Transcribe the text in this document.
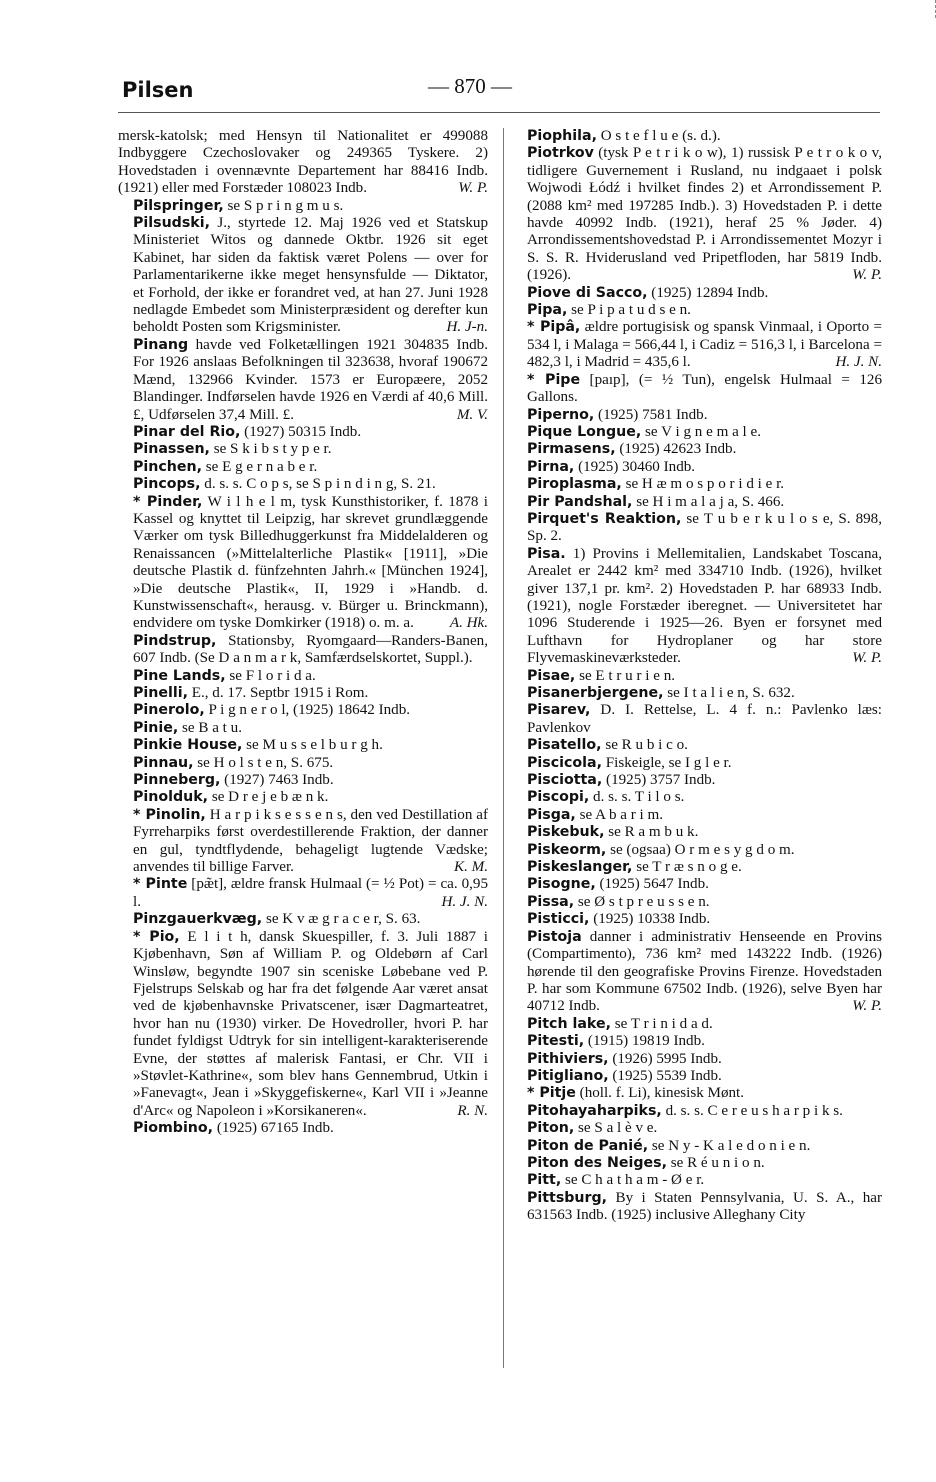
Pilsen	— 870 —

mersk-katolsk; med Hensyn til Nationalitet er 499088 Indbyggere Czechoslovaker og 249365 Tyskere. 2) Hovedstaden i ovennævnte Departement har 88416 Indb. (1921) eller med Forstæder 108023 Indb.	W. P.

Pilspringer, se S p r i n g m u s.

Pilsudski, J., styrtede 12. Maj 1926 ved et Statskup Ministeriet Witos og dannede Oktbr. 1926 sit eget Kabinet, har siden da faktisk været Polens — over for Parlamentarikerne ikke meget hensynsfulde — Diktator, et Forhold, der ikke er forandret ved, at han 27. Juni 1928 nedlagde Embedet som Ministerpræsident og derefter kun beholdt Posten som Krigsminister.	H. J-n.

Pinang havde ved Folketællingen 1921 304835 Indb. For 1926 anslaas Befolkningen til 323638, hvoraf 190672 Mænd, 132966 Kvinder. 1573 er Europæere, 2052 Blandinger. Indførselen havde 1926 en Værdi af 40,6 Mill. £, Udførselen 37,4 Mill. £.	M. V.

Pinar del Rio, (1927) 50315 Indb.

Pinassen, se S k i b s t y p e r.

Pinchen, se E g e r n a b e r.

Pincops, d. s. s. C o p s, se S p i n d i n g, S. 21.

* Pinder, W i l h e l m, tysk Kunsthistoriker, f. 1878 i Kassel og knyttet til Leipzig, har skrevet grundlæggende Værker om tysk Billedhuggerkunst fra Middelalderen og Renaissancen (»Mittelalterliche Plastik« [1911], »Die deutsche Plastik d. fünfzehnten Jahrh.« [München 1924], »Die deutsche Plastik«, II, 1929 i »Handb. d. Kunstwissenschaft«, herausg. v. Bürger u. Brinckmann), endvidere om tyske Domkirker (1918) o. m. a. A. Hk.

Pindstrup, Stationsby, Ryomgaard—Randers-Banen, 607 Indb. (Se D a n m a r k, Samfærdselskortet, Suppl.).

Pine Lands, se F l o r i d a.

Pinelli, E., d. 17. Septbr 1915 i Rom.

Pinerolo, P i g n e r o l, (1925) 18642 Indb.

Pinie, se B a t u.

Pinkie House, se M u s s e l b u r g h.

Pinnau, se H o l s t e n, S. 675.

Pinneberg, (1927) 7463 Indb.

Pinolduk, se D r e j e b æ n k.

* Pinolin, H a r p i k s e s s e n s, den ved Destillation af Fyrreharpiks først overdestillerende Fraktion, der danner en gul, tyndtflydende, behageligt lugtende Vædske; anvendes til billige Farver.	K. M.

* Pinte [pæ̃t], ældre fransk Hulmaal (= ½ Pot) = ca. 0,95 l.	H. J. N.

Pinzgauerkvæg, se K v æ g r a c e r, S. 63.

* Pio, E l i t h, dansk Skuespiller, f. 3. Juli 1887 i Kjøbenhavn, Søn af William P. og Oldebørn af Carl Winsløw, begyndte 1907 sin sceniske Løbebane ved P. Fjelstrups Selskab og har fra det følgende Aar været ansat ved de kjøbenhavnske Privatscener, især Dagmarteatret, hvor han nu (1930) virker. De Hovedroller, hvori P. har fundet fyldigst Udtryk for sin intelligent-karakteriserende Evne, der støttes af malerisk Fantasi, er Chr. VII i »Støvlet-Kathrine«, som blev hans Gennembrud, Utkin i »Fanevagt«, Jean i »Skyggefiskerne«, Karl VII i »Jeanne d'Arc« og Napoleon i »Korsikaneren«.	R. N.

Piombino, (1925) 67165 Indb.

Piophila, O s t e f l u e (s. d.).

Piotrkov (tysk P e t r i k o w), 1) russisk P e t r o k o v, tidligere Guvernement i Rusland, nu indgaaet i polsk Wojwodi Łódź i hvilket findes 2) et Arrondissement P. (2088 km² med 197285 Indb.). 3) Hovedstaden P. i dette havde 40992 Indb. (1921), heraf 25 % Jøder. 4) Arrondissementshovedstad P. i Arrondissementet Mozyr i S. S. R. Hviderusland ved Pripetfloden, har 5819 Indb. (1926).	W. P.

Piove di Sacco, (1925) 12894 Indb.

Pipa, se P i p a t u d s e n.

* Pipâ, ældre portugisisk og spansk Vinmaal, i Oporto = 534 l, i Malaga = 566,44 l, i Cadiz = 516,3 l, i Barcelona = 482,3 l, i Madrid = 435,6 l.	H. J. N.

* Pipe [paıp], (= ½ Tun), engelsk Hulmaal = 126 Gallons.

Piperno, (1925) 7581 Indb.

Pique Longue, se V i g n e m a l e.

Pirmasens, (1925) 42623 Indb.

Pirna, (1925) 30460 Indb.

Piroplasma, se H æ m o s p o r i d i e r.

Pir Pandshal, se H i m a l a j a, S. 466.

Pirquet's Reaktion, se T u b e r k u l o s e, S. 898, Sp. 2.

Pisa. 1) Provins i Mellemitalien, Landskabet Toscana, Arealet er 2442 km² med 334710 Indb. (1926), hvilket giver 137,1 pr. km². 2) Hovedstaden P. har 68933 Indb. (1921), nogle Forstæder iberegnet. — Universitetet har 1096 Studerende i 1925—26. Byen er forsynet med Lufthavn for Hydroplaner og har store Flyvemaskineværksteder.	W. P.

Pisae, se E t r u r i e n.

Pisanerbjergene, se I t a l i e n, S. 632.

Pisarev, D. I. Rettelse, L. 4 f. n.: Pavlenko læs: Pavlenkov

Pisatello, se R u b i c o.

Piscicola, Fiskeigle, se I g l e r.

Pisciotta, (1925) 3757 Indb.

Piscopi, d. s. s. T i l o s.

Pisga, se A b a r i m.

Piskebuk, se R a m b u k.

Piskeorm, se (ogsaa) O r m e s y g d o m.

Piskeslanger, se T r æ s n o g e.

Pisogne, (1925) 5647 Indb.

Pissa, se Ø s t p r e u s s e n.

Pisticci, (1925) 10338 Indb.

Pistoja danner i administrativ Henseende en Provins (Compartimento), 736 km² med 143222 Indb. (1926) hørende til den geografiske Provins Firenze. Hovedstaden P. har som Kommune 67502 Indb. (1926), selve Byen har 40712 Indb.	W. P.

Pitch lake, se T r i n i d a d.

Pitesti, (1915) 19819 Indb.

Pithiviers, (1926) 5995 Indb.

Pitigliano, (1925) 5539 Indb.

* Pitje (holl. f. Li), kinesisk Mønt.

Pitohayaharpiks, d. s. s. C e r e u s h a r p i k s.

Piton, se S a l è v e.

Piton de Panié, se N y - K a l e d o n i e n.

Piton des Neiges, se R é u n i o n.

Pitt, se C h a t h a m - Ø e r.

Pittsburg, By i Staten Pennsylvania, U. S. A., har 631563 Indb. (1925) inclusive Alleghany City
